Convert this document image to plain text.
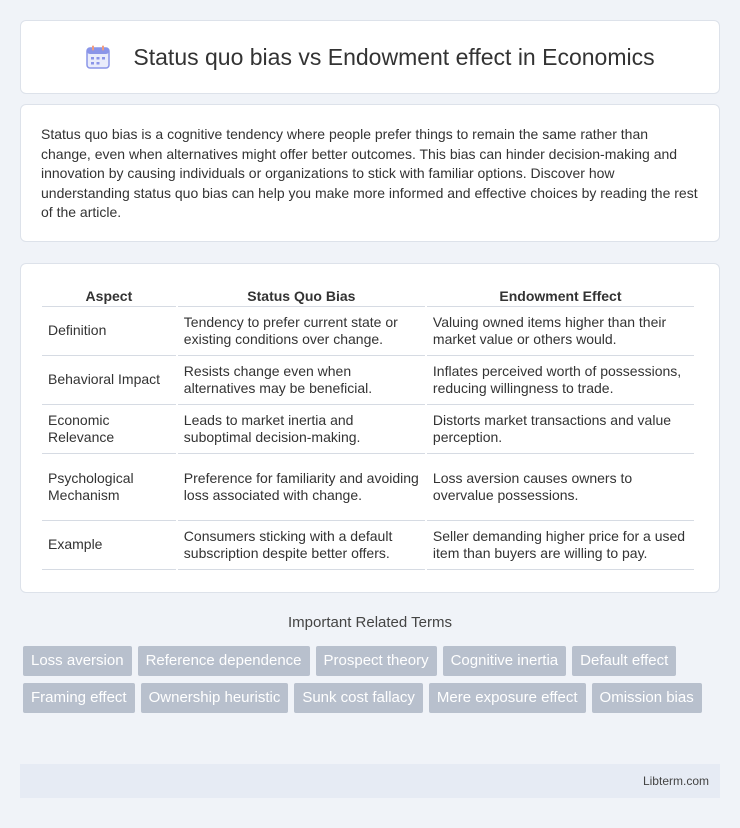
Status quo bias vs Endowment effect in Economics

Status quo bias is a cognitive tendency where people prefer things to remain the same rather than change, even when alternatives might offer better outcomes. This bias can hinder decision-making and innovation by causing individuals or organizations to stick with familiar options. Discover how understanding status quo bias can help you make more informed and effective choices by reading the rest of the article.

Aspect	Status Quo Bias	Endowment Effect
Definition	Tendency to prefer current state or existing conditions over change.	Valuing owned items higher than their market value or others would.
Behavioral Impact	Resists change even when alternatives may be beneficial.	Inflates perceived worth of possessions, reducing willingness to trade.
Economic Relevance	Leads to market inertia and suboptimal decision-making.	Distorts market transactions and value perception.
Psychological Mechanism	Preference for familiarity and avoiding loss associated with change.	Loss aversion causes owners to overvalue possessions.
Example	Consumers sticking with a default subscription despite better offers.	Seller demanding higher price for a used item than buyers are willing to pay.
Important Related Terms
Loss aversion	Reference dependence	Prospect theory	Cognitive inertia	Default effect
Framing effect	Ownership heuristic	Sunk cost fallacy	Mere exposure effect	Omission bias
Libterm.com
